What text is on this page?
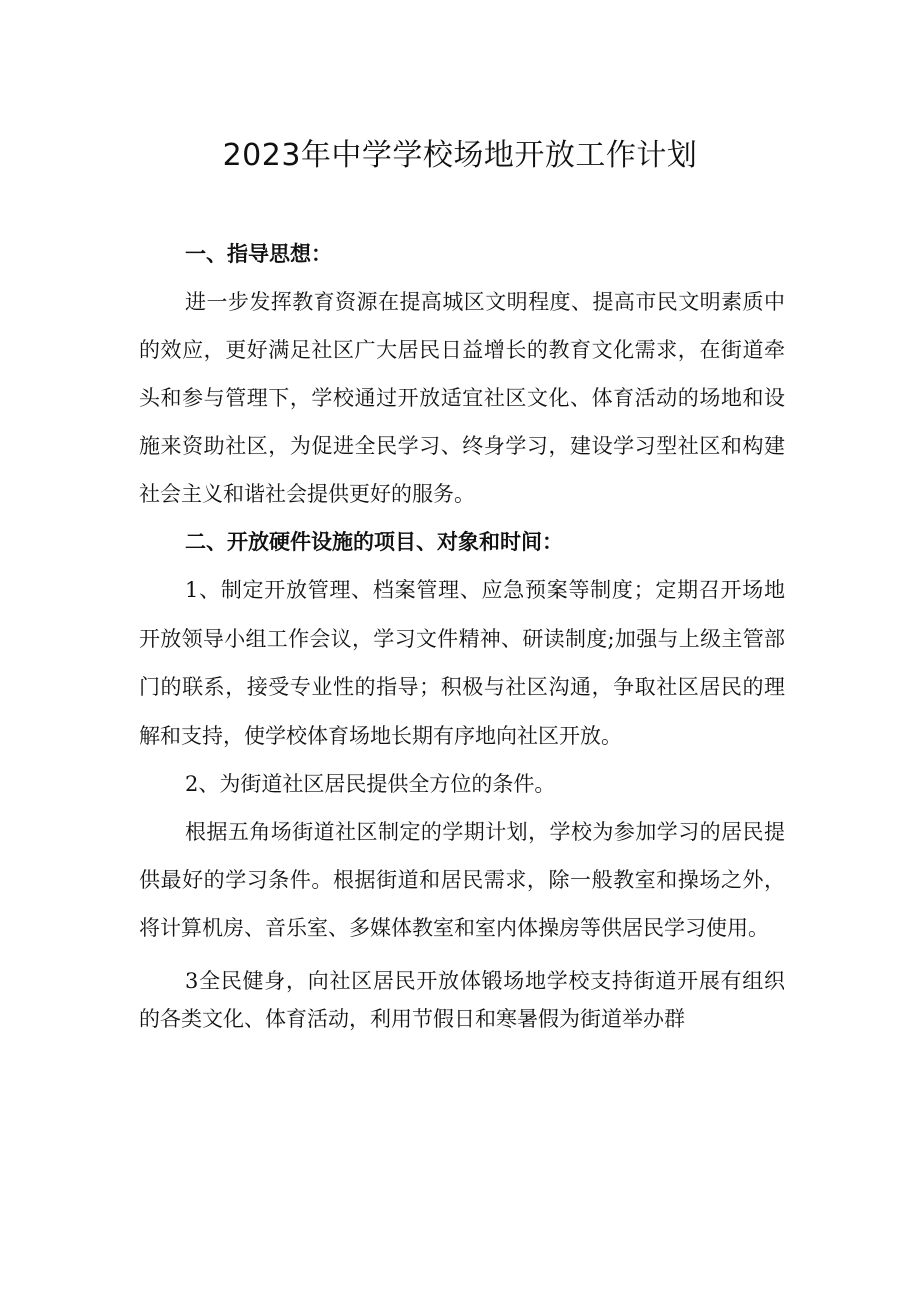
2023年中学学校场地开放工作计划

一、指导思想：

进一步发挥教育资源在提高城区文明程度、提高市民文明素质中的效应，更好满足社区广大居民日益增长的教育文化需求，在街道牵头和参与管理下，学校通过开放适宜社区文化、体育活动的场地和设施来资助社区，为促进全民学习、终身学习，建设学习型社区和构建社会主义和谐社会提供更好的服务。

二、开放硬件设施的项目、对象和时间：

1、制定开放管理、档案管理、应急预案等制度；定期召开场地开放领导小组工作会议，学习文件精神、研读制度;加强与上级主管部门的联系，接受专业性的指导；积极与社区沟通，争取社区居民的理解和支持，使学校体育场地长期有序地向社区开放。

2、为街道社区居民提供全方位的条件。

根据五角场街道社区制定的学期计划，学校为参加学习的居民提供最好的学习条件。根据街道和居民需求，除一般教室和操场之外，将计算机房、音乐室、多媒体教室和室内体操房等供居民学习使用。

3全民健身，向社区居民开放体锻场地学校支持街道开展有组织的各类文化、体育活动，利用节假日和寒暑假为街道举办群
